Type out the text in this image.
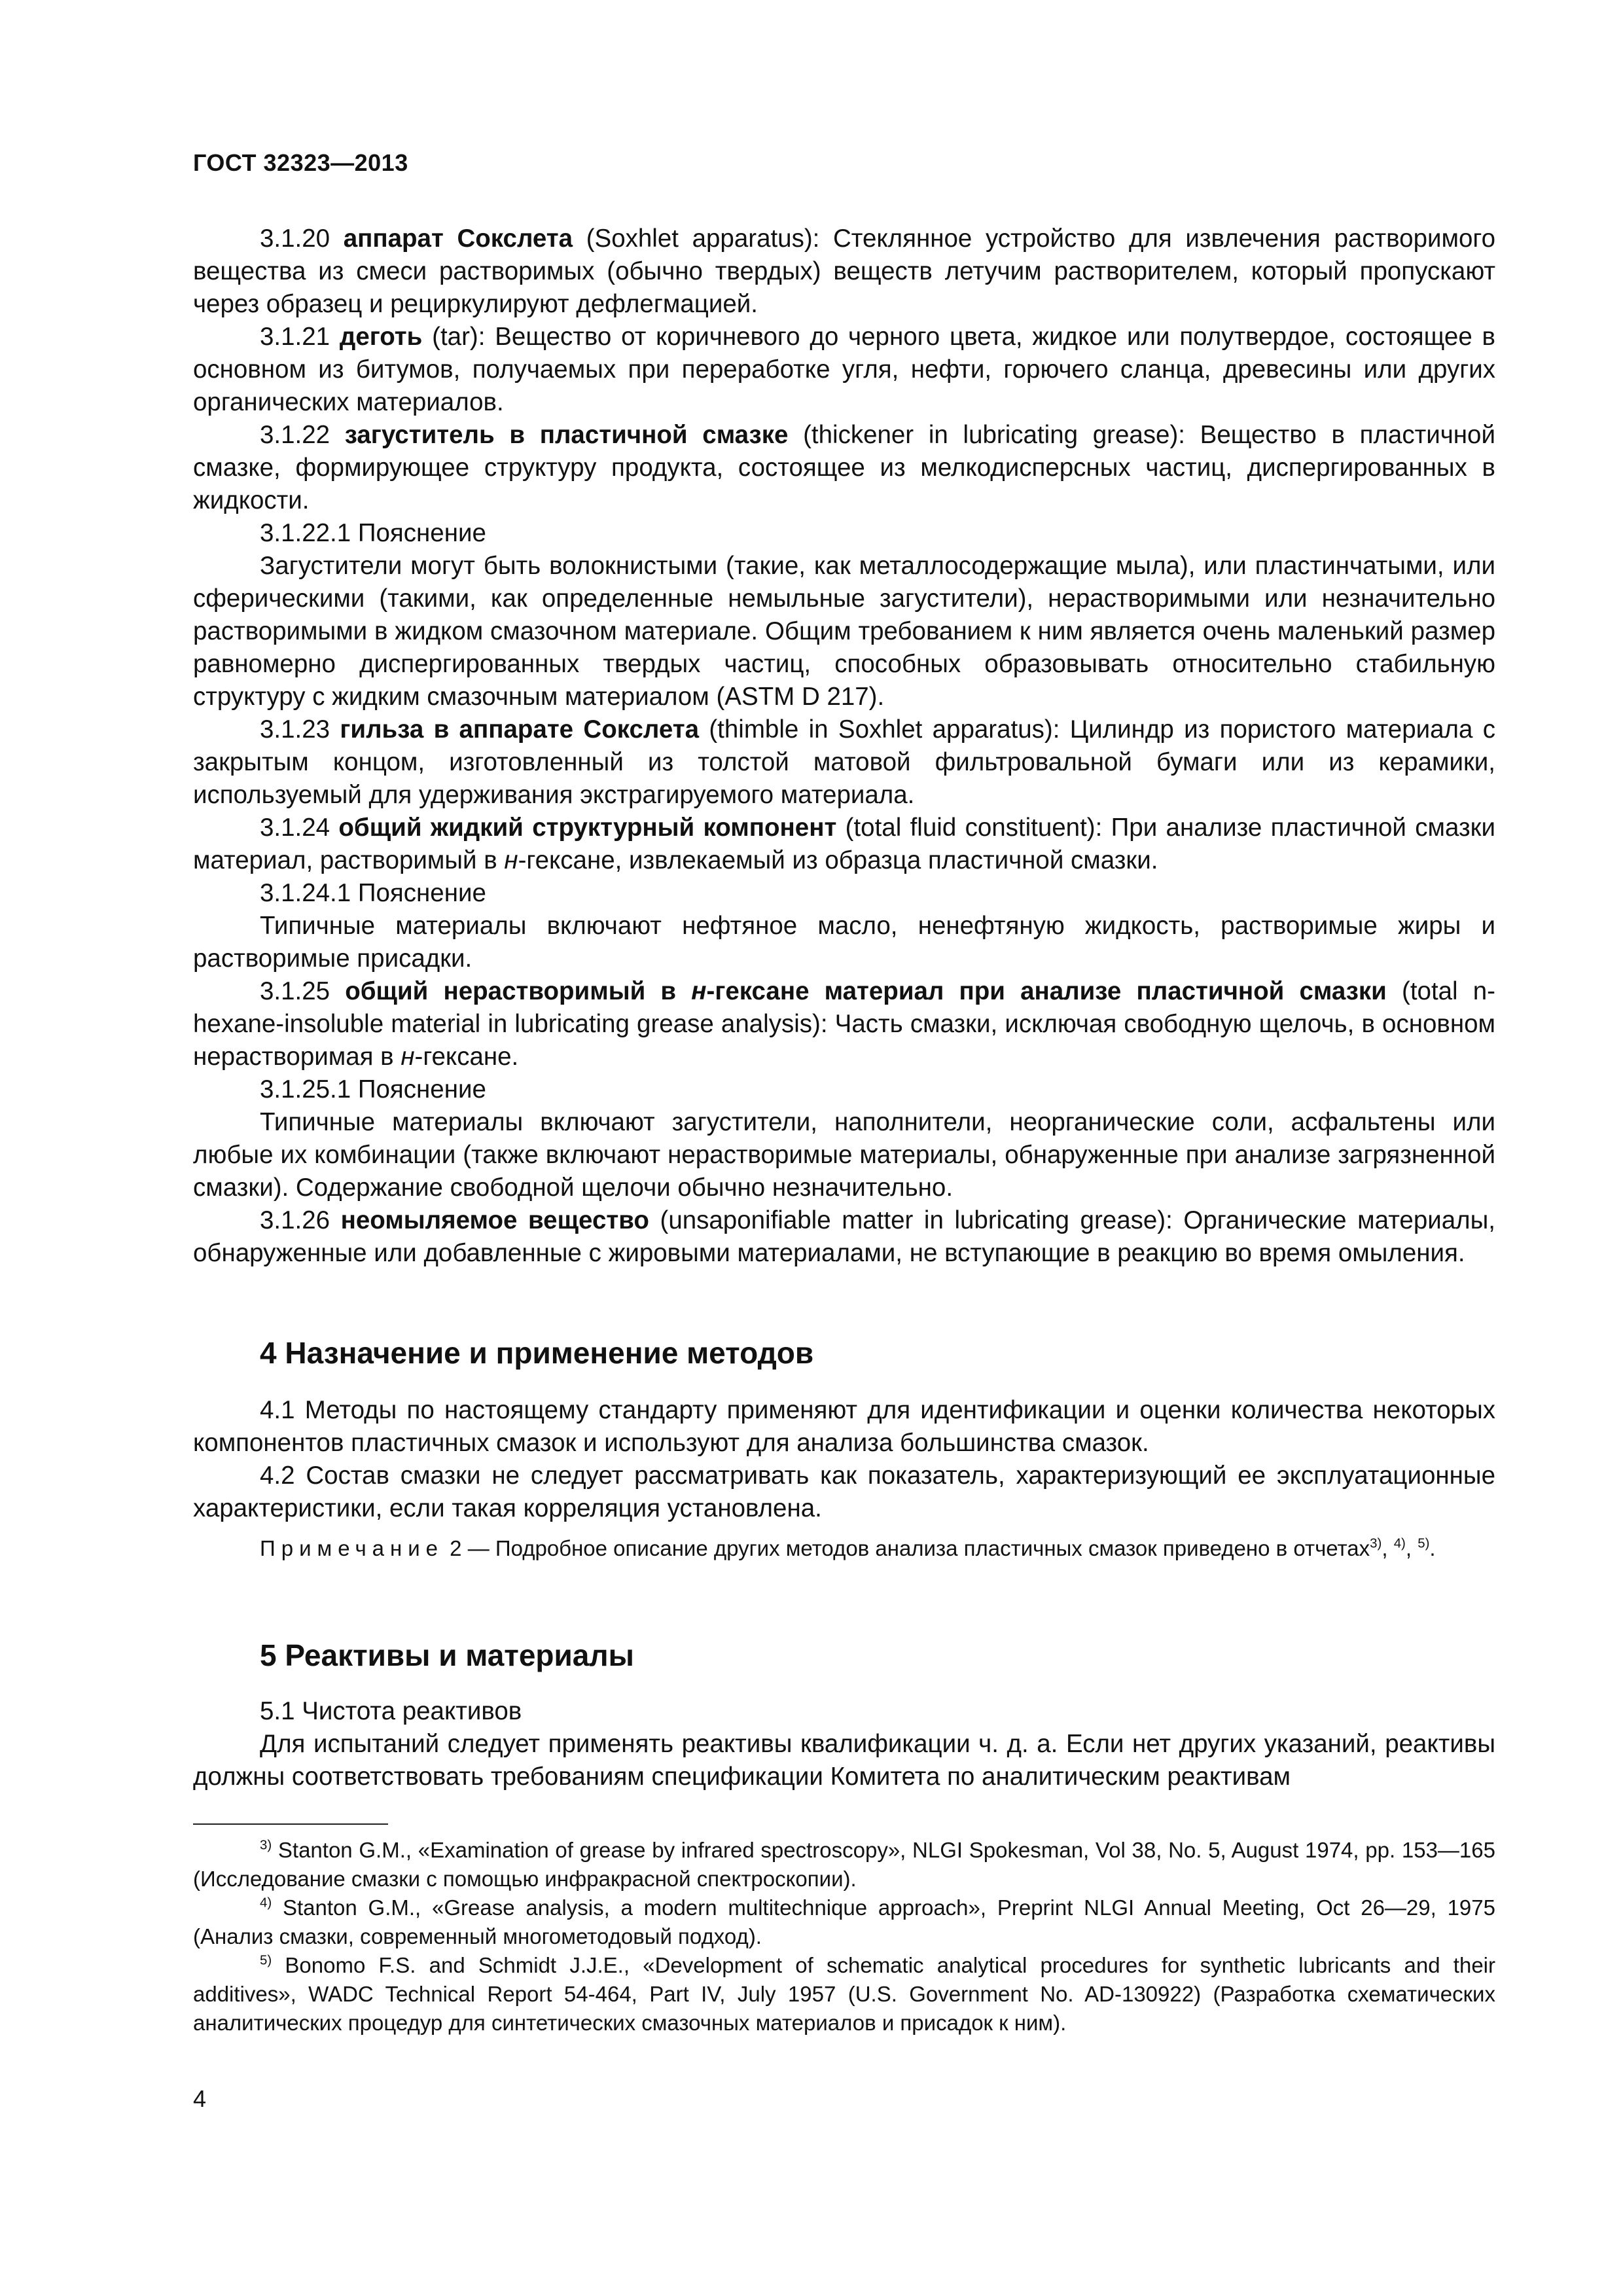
ГОСТ 32323—2013

3.1.20 аппарат Сокслета (Soxhlet apparatus): Стеклянное устройство для извлечения растворимого вещества из смеси растворимых (обычно твердых) веществ летучим растворителем, который пропускают через образец и рециркулируют дефлегмацией.

3.1.21 деготь (tar): Вещество от коричневого до черного цвета, жидкое или полутвердое, состоящее в основном из битумов, получаемых при переработке угля, нефти, горючего сланца, древесины или других органических материалов.

3.1.22 загуститель в пластичной смазке (thickener in lubricating grease): Вещество в пластичной смазке, формирующее структуру продукта, состоящее из мелкодисперсных частиц, диспергированных в жидкости.

3.1.22.1 Пояснение

Загустители могут быть волокнистыми (такие, как металлосодержащие мыла), или пластинчатыми, или сферическими (такими, как определенные немыльные загустители), нерастворимыми или незначительно растворимыми в жидком смазочном материале. Общим требованием к ним является очень маленький размер равномерно диспергированных твердых частиц, способных образовывать относительно стабильную структуру с жидким смазочным материалом (ASTM D 217).

3.1.23 гильза в аппарате Сокслета (thimble in Soxhlet apparatus): Цилиндр из пористого материала с закрытым концом, изготовленный из толстой матовой фильтровальной бумаги или из керамики, используемый для удерживания экстрагируемого материала.

3.1.24 общий жидкий структурный компонент (total fluid constituent): При анализе пластичной смазки материал, растворимый в н-гексане, извлекаемый из образца пластичной смазки.

3.1.24.1 Пояснение

Типичные материалы включают нефтяное масло, ненефтяную жидкость, растворимые жиры и растворимые присадки.

3.1.25 общий нерастворимый в н-гексане материал при анализе пластичной смазки (total n-hexane-insoluble material in lubricating grease analysis): Часть смазки, исключая свободную щелочь, в основном нерастворимая в н-гексане.

3.1.25.1 Пояснение

Типичные материалы включают загустители, наполнители, неорганические соли, асфальтены или любые их комбинации (также включают нерастворимые материалы, обнаруженные при анализе загрязненной смазки). Содержание свободной щелочи обычно незначительно.

3.1.26 неомыляемое вещество (unsaponifiable matter in lubricating grease): Органические материалы, обнаруженные или добавленные с жировыми материалами, не вступающие в реакцию во время омыления.

4 Назначение и применение методов

4.1 Методы по настоящему стандарту применяют для идентификации и оценки количества некоторых компонентов пластичных смазок и используют для анализа большинства смазок.

4.2 Состав смазки не следует рассматривать как показатель, характеризующий ее эксплуатационные характеристики, если такая корреляция установлена.

Примечание 2 — Подробное описание других методов анализа пластичных смазок приведено в отчетах$^{3)}$, $^{4)}$, $^{5)}$.

5 Реактивы и материалы

5.1 Чистота реактивов

Для испытаний следует применять реактивы квалификации ч. д. а. Если нет других указаний, реактивы должны соответствовать требованиям спецификации Комитета по аналитическим реактивам

$^{3)}$ Stanton G.M., «Examination of grease by infrared spectroscopy», NLGI Spokesman, Vol 38, No. 5, August 1974, pp. 153—165 (Исследование смазки с помощью инфракрасной спектроскопии).

$^{4)}$ Stanton G.M., «Grease analysis, a modern multitechnique approach», Preprint NLGI Annual Meeting, Oct 26—29, 1975 (Анализ смазки, современный многометодовый подход).

$^{5)}$ Bonomo F.S. and Schmidt J.J.E., «Development of schematic analytical procedures for synthetic lubricants and their additives», WADC Technical Report 54-464, Part IV, July 1957 (U.S. Government No. AD-130922) (Разработка схематических аналитических процедур для синтетических смазочных материалов и присадок к ним).

4
